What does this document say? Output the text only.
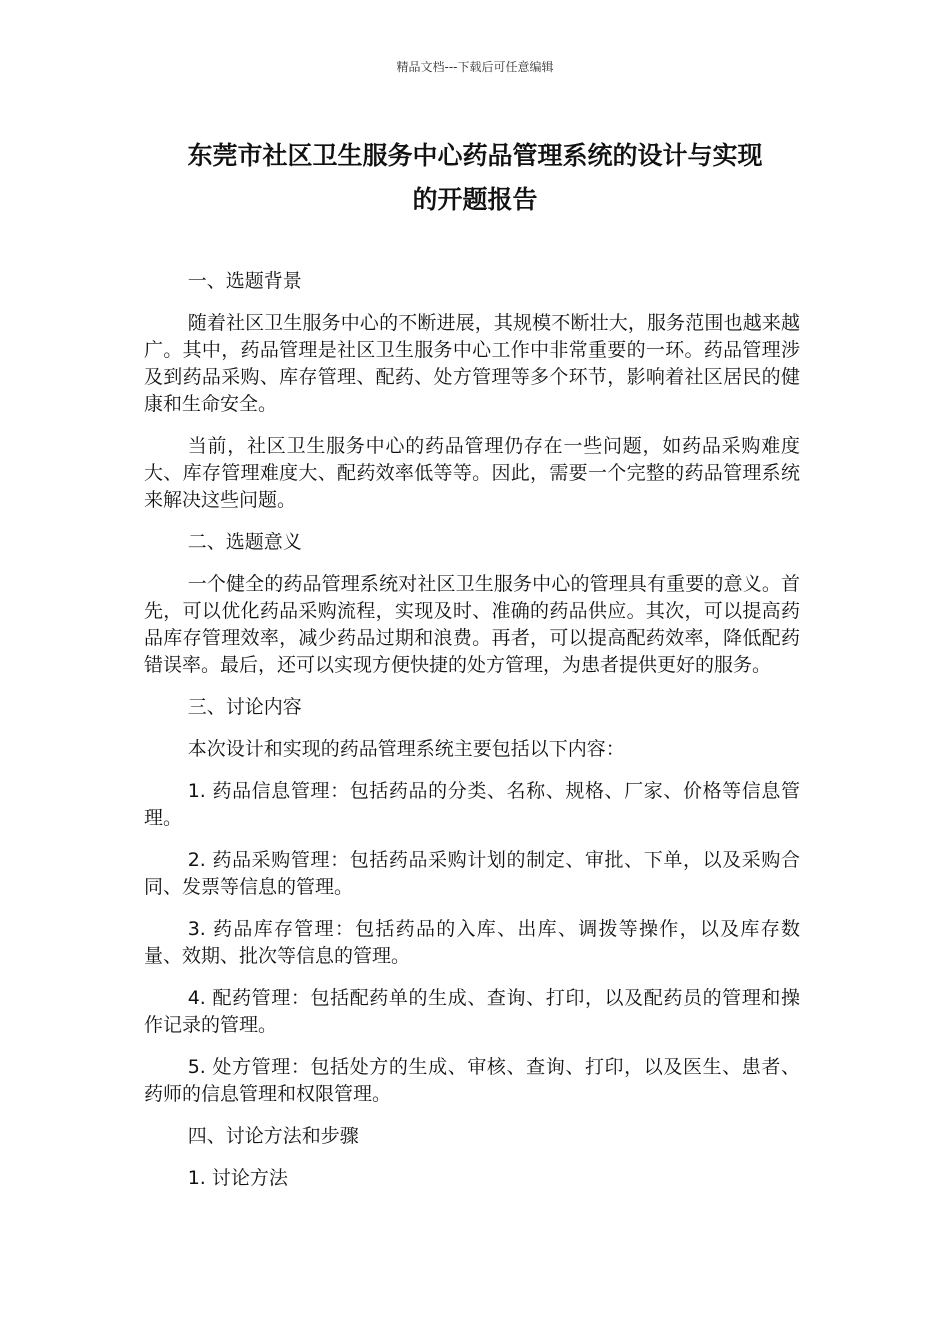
精品文档---下载后可任意编辑
东莞市社区卫生服务中心药品管理系统的设计与实现
的开题报告

一、选题背景

随着社区卫生服务中心的不断进展，其规模不断壮大，服务范围也越来越广。其中，药品管理是社区卫生服务中心工作中非常重要的一环。药品管理涉及到药品采购、库存管理、配药、处方管理等多个环节，影响着社区居民的健康和生命安全。

当前，社区卫生服务中心的药品管理仍存在一些问题，如药品采购难度大、库存管理难度大、配药效率低等等。因此，需要一个完整的药品管理系统来解决这些问题。

二、选题意义

一个健全的药品管理系统对社区卫生服务中心的管理具有重要的意义。首先，可以优化药品采购流程，实现及时、准确的药品供应。其次，可以提高药品库存管理效率，减少药品过期和浪费。再者，可以提高配药效率，降低配药错误率。最后，还可以实现方便快捷的处方管理，为患者提供更好的服务。

三、讨论内容

本次设计和实现的药品管理系统主要包括以下内容：

1. 药品信息管理：包括药品的分类、名称、规格、厂家、价格等信息管理。

2. 药品采购管理：包括药品采购计划的制定、审批、下单，以及采购合同、发票等信息的管理。

3. 药品库存管理：包括药品的入库、出库、调拨等操作，以及库存数量、效期、批次等信息的管理。

4. 配药管理：包括配药单的生成、查询、打印，以及配药员的管理和操作记录的管理。

5. 处方管理：包括处方的生成、审核、查询、打印，以及医生、患者、药师的信息管理和权限管理。

四、讨论方法和步骤

1. 讨论方法
